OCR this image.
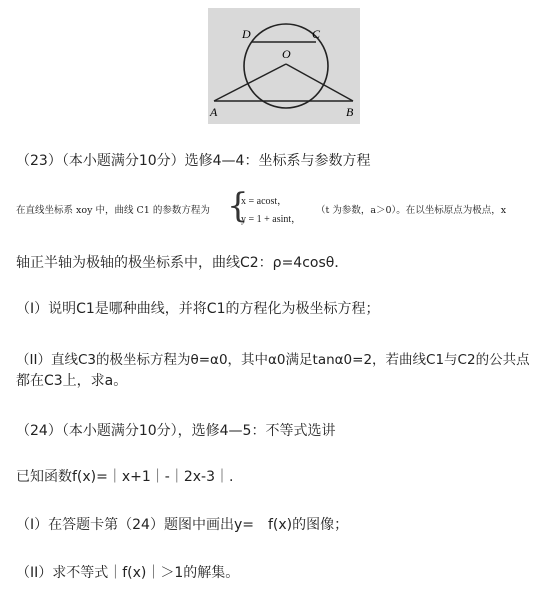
D	C
O
A	B
（23）（本小题满分10分）选修4—4：坐标系与参数方程
在直线坐标系 xoy 中，曲线 C1 的参数方程为 {
x = acost，
y = 1 + asint，
（t 为参数，a＞0）。在以坐标原点为极点，x
轴正半轴为极轴的极坐标系中，曲线C2：ρ=4cosθ．
（I）说明C1是哪种曲线，并将C1的方程化为极坐标方程；
（II）直线C3的极坐标方程为θ=α0，其中α0满足tanα0=2，若曲线C1与C2的公共点
都在C3上，求a。
（24）（本小题满分10分），选修4—5：不等式选讲
已知函数f(x)=｜x+1｜-｜2x-3｜.
（I）在答题卡第（24）题图中画出y=　f(x)的图像；
（II）求不等式｜f(x)｜＞1的解集。
